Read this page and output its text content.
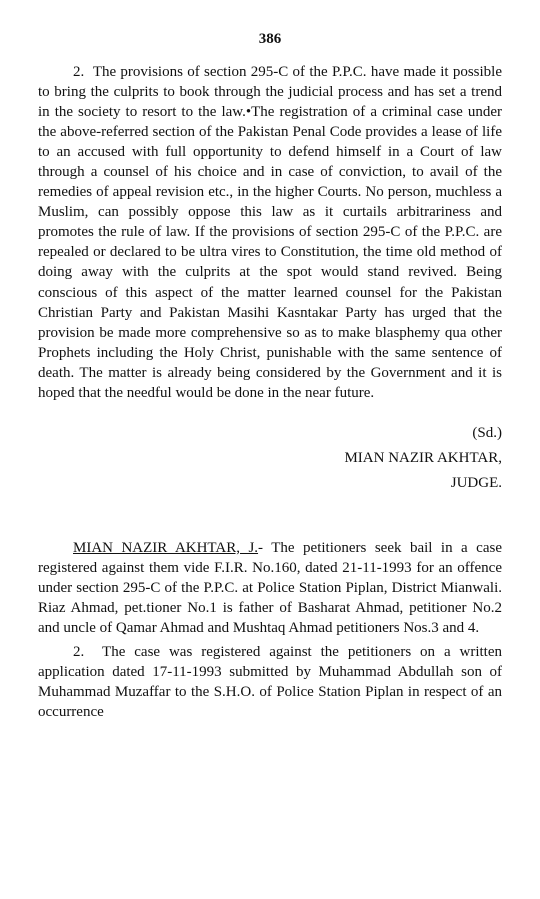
386

2.  The provisions of section 295-C of the P.P.C. have made it possible to bring the culprits to book through the judicial process and has set a trend in the society to resort to the law.•The registration of a criminal case under the above-referred section of the Pakistan Penal Code provides a lease of life to an accused with full opportunity to defend himself in a Court of law through a counsel of his choice and in case of conviction, to avail of the remedies of appeal revision etc., in the higher Courts. No person, muchless a Muslim, can possibly oppose this law as it curtails arbitrariness and promotes the rule of law. If the provisions of section 295-C of the P.P.C. are repealed or declared to be ultra vires to Constitution, the time old method of doing away with the culprits at the spot would stand revived. Being conscious of this aspect of the matter learned counsel for the Pakistan Christian Party and Pakistan Masihi Kasntakar Party has urged that the provision be made more comprehensive so as to make blasphemy qua other Prophets including the Holy Christ, punishable with the same sentence of death. The matter is already being considered by the Government and it is hoped that the needful would be done in the near future.

(Sd.)
MIAN NAZIR AKHTAR,
JUDGE.

MIAN NAZIR AKHTAR, J.- The petitioners seek bail in a case registered against them vide F.I.R. No.160, dated 21-11-1993 for an offence under section 295-C of the P.P.C. at Police Station Piplan, District Mianwali. Riaz Ahmad, pet.tioner No.1 is father of Basharat Ahmad, petitioner No.2 and uncle of Qamar Ahmad and Mushtaq Ahmad petitioners Nos.3 and 4.

2.  The case was registered against the petitioners on a written application dated 17-11-1993 submitted by Muhammad Abdullah son of Muhammad Muzaffar to the S.H.O. of Police Station Piplan in respect of an occurrence
